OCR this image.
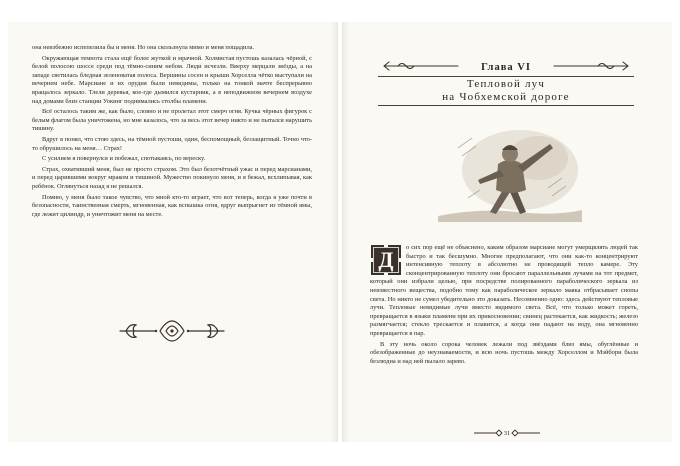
она неизбежно испепелила бы и меня. Но она скользнула мимо и меня пощадила.

Окружающая темнота стала ещё более жуткой и мрачной. Холмистая пустошь казалась чёрной, с белой полосою шоссе среди под тёмно-синим небом. Люди исчезли. Вверху мерцали звёзды, а на западе светилась бледная зеленоватая полоса. Вершины сосен и крыши Хорселла чётко выступали на вечернем небе. Марсиане и их орудия были невидимы, только на тонкой мачте беспрерывно вращалось зеркало. Тлели деревья, кое-где дымился кустарник, а в неподвижном вечернем воздухе над домами близ станции Уокинг поднимались столбы пламени.

Всё осталось таким же, как было, словно и не пролетал этот смерч огня. Кучка чёрных фигурок с белым флагом была уничтожена, но мне казалось, что за весь этот вечер никто и не пытался нарушить тишину.

Вдруг я понял, что стою здесь, на тёмной пустоши, один, беспомощный, беззащитный. Точно что-то обрушилось на меня… Страх!

С усилием я повернулся и побежал, спотыкаясь, по вереску.

Страх, охвативший меня, был не просто страхом. Это был безотчётный ужас и перед марсианами, и перед царившими вокруг мраком и тишиной. Мужество покинуло меня, и я бежал, всхлипывая, как ребёнок. Оглянуться назад я не решался.

Помню, у меня было такое чувство, что мной кто-то играет, что вот теперь, когда я уже почти в безопасности, таинственная смерть, мгновенная, как вспышка огня, вдруг выпрыгнет из тёмной ямы, где лежит цилиндр, и уничтожит меня на месте.

Глава VI
Тепловой луч
на Чобхемской дороге
Д	о сих пор ещё не объяснено, каким образом марсиане могут умерщвлять людей так быстро и так бесшумно. Многие предполагают, что они как-то концентрируют интенсивную теплоту в абсолютно не проводящей тепло камере. Эту сконцентрированную теплоту они бросают параллельными лучами на тот предмет, который они избрали целью, при посредстве полированного параболического зеркала из неизвестного вещества, подобно тому как параболическое зеркало маяка отбрасывает снопы света. Но никто не сумел убедительно это доказать. Несомненно одно: здесь действуют тепловые лучи. Тепловые невидимые лучи вместо видимого света. Всё, что только может гореть, превращается в языки пламени при их прикосновении; свинец растекается, как жидкость; железо размягчается; стекло трескается и плавится, а когда они падают на воду, она мгновенно превращается в пар.

В эту ночь около сорока человек лежали под звёздами близ ямы, обуглённые и обезображенные до неузнаваемости, и всю ночь пустошь между Хорселлом и Мэйбори была безлюдна и над ней пылало зарево.

31
